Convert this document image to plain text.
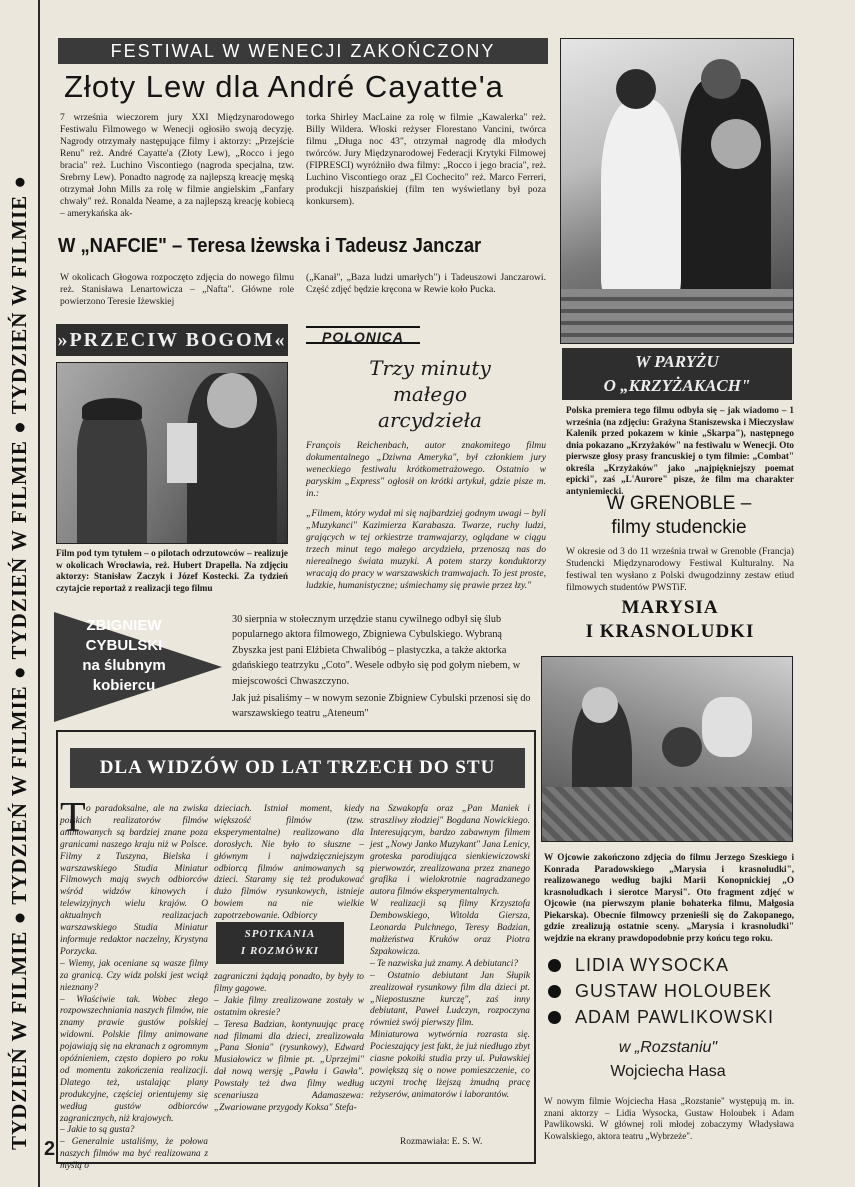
TYDZIEŃ W FILMIE ● TYDZIEŃ W FILMIE ● TYDZIEŃ W FILMIE ● TYDZIEŃ W FILMIE ● 2
FESTIWAL W WENECJI ZAKOŃCZONY
Złoty Lew dla André Cayatte'a
7 września wieczorem jury XXI Międzynarodowego Festiwalu Filmowego w Wenecji ogłosiło swoją decyzję. Nagrody otrzymały następujące filmy i aktorzy: „Przejście Renu" reż. André Cayatte'a (Złoty Lew), „Rocco i jego bracia" reż. Luchino Viscontiego (nagroda specjalna, tzw. Srebrny Lew). Ponadto nagrodę za najlepszą kreację męską otrzymał John Mills za rolę w filmie angielskim „Fanfary chwały" reż. Ronalda Neame, a za najlepszą kreację kobiecą – amerykańska ak-
torka Shirley MacLaine za rolę w filmie „Kawalerka" reż. Billy Wildera. Włoski reżyser Florestano Vancini, twórca filmu „Długa noc 43", otrzymał nagrodę dla młodych twórców. Jury Międzynarodowej Federacji Krytyki Filmowej (FIPRESCI) wyróżniło dwa filmy: „Rocco i jego bracia", reż. Luchino Viscontiego oraz „El Cochecito" reż. Marco Ferreri, produkcji hiszpańskiej (film ten wyświetlany był poza konkursem).
W „NAFCIE" – Teresa Iżewska i Tadeusz Janczar
W okolicach Głogowa rozpoczęto zdjęcia do nowego filmu reż. Stanisława Lenartowicza – „Nafta". Główne role powierzono Teresie Iżewskiej
(„Kanał", „Baza ludzi umarłych") i Tadeuszowi Janczarowi. Część zdjęć będzie kręcona w Rewie koło Pucka.
W PARYŻU
O „KRZYŻAKACH"
Polska premiera tego filmu odbyła się – jak wiadomo – 1 września (na zdjęciu: Grażyna Staniszewska i Mieczysław Kalenik przed pokazem w kinie „Skarpa"), następnego dnia pokazano „Krzyżaków" na festiwalu w Wenecji. Oto pierwsze głosy prasy francuskiej o tym filmie: „Combat" określa „Krzyżaków" jako „najpiękniejszy poemat epicki", zaś „L'Aurore" pisze, że film ma charakter antyniemiecki.
»PRZECIW BOGOM«
Film pod tym tytułem – o pilotach odrzutowców – realizuje w okolicach Wrocławia, reż. Hubert Drapella. Na zdjęciu aktorzy: Stanisław Zaczyk i Józef Kostecki. Za tydzień czytajcie reportaż z realizacji tego filmu
POLONICA
Trzy minuty
małego
arcydzieła
François Reichenbach, autor znakomitego filmu dokumentalnego „Dziwna Ameryka", był członkiem jury weneckiego festiwalu krótkometrażowego. Ostatnio w paryskim „Express" ogłosił on krótki artykuł, gdzie pisze m. in.:
„Filmem, który wydał mi się najbardziej godnym uwagi – byli „Muzykanci" Kazimierza Karabasza. Twarze, ruchy ludzi, grających w tej orkiestrze tramwajarzy, oglądane w ciągu trzech minut tego małego arcydzieła, przenoszą nas do nierealnego świata muzyki. A potem starzy konduktorzy wracają do pracy w warszawskich tramwajach. To jest proste, ludzkie, humanistyczne; uśmiechamy się prawie przez łzy."
W GRENOBLE –
filmy studenckie
W okresie od 3 do 11 września trwał w Grenoble (Francja) Studencki Międzynarodowy Festiwal Kulturalny. Na festiwal ten wysłano z Polski dwugodzinny zestaw etiud filmowych studentów PWSTiF.
MARYSIA
I KRASNOLUDKI
W Ojcowie zakończono zdjęcia do filmu Jerzego Szeskiego i Konrada Paradowskiego „Marysia i krasnoludki", realizowanego według bajki Marii Konopnickiej „O krasnoludkach i sierotce Marysi". Oto fragment zdjęć w Ojcowie (na pierwszym planie bohaterka filmu, Małgosia Piekarska). Obecnie filmowcy przenieśli się do Zakopanego, gdzie zrealizują ostatnie sceny. „Marysia i krasnoludki" wejdzie na ekrany prawdopodobnie przy końcu tego roku.
LIDIA WYSOCKA
GUSTAW HOLOUBEK
ADAM PAWLIKOWSKI
w „Rozstaniu"
Wojciecha Hasa
W nowym filmie Wojciecha Hasa „Rozstanie" występują m. in. znani aktorzy – Lidia Wysocka, Gustaw Holoubek i Adam Pawlikowski. W głównej roli młodej zobaczymy Władysława Kowalskiego, aktora teatru „Wybrzeże".
ZBIGNIEW
CYBULSKI
na ślubnym
kobiercu
30 sierpnia w stołecznym urzędzie stanu cywilnego odbył się ślub popularnego aktora filmowego, Zbigniewa Cybulskiego. Wybraną Zbyszka jest pani Elżbieta Chwalibóg – plastyczka, a także aktorka gdańskiego teatrzyku „Coto". Wesele odbyło się pod gołym niebem, w miejscowości Chwaszczyno.
Jak już pisaliśmy – w nowym sezonie Zbigniew Cybulski przenosi się do warszawskiego teatru „Ateneum"
DLA WIDZÓW OD LAT TRZECH DO STU
T o paradoksalne, ale na zwiska polskich realizatorów filmów animowanych są bardziej znane poza granicami naszego kraju niż w Polsce. Filmy z Tuszyna, Bielska i warszawskiego Studia Miniatur Filmowych mają swych odbiorców wśród widzów kinowych i telewizyjnych wielu krajów. O aktualnych realizacjach warszawskiego Studia Miniatur informuje redaktor naczelny, Krystyna Porzycka.
– Wiemy, jak oceniane są wasze filmy za granicą. Czy widz polski jest wciąż nieznany?
– Właściwie tak. Wobec złego rozpowszechniania naszych filmów, nie znamy prawie gustów polskiej widowni. Polskie filmy animowane pojawiają się na ekranach z ogromnym opóźnieniem, często dopiero po roku od momentu zakończenia realizacji. Dlatego też, ustalając plany produkcyjne, częściej orientujemy się według gustów odbiorców zagranicznych, niż krajowych.
– Jakie to są gusta?
– Generalnie ustaliśmy, że połowa naszych filmów ma być realizowana z myślą o
dzieciach. Istniał moment, kiedy większość filmów (tzw. eksperymentalne) realizowano dla dorosłych. Nie było to słuszne – głównym i najwdzięczniejszym odbiorcą filmów animowanych są dzieci. Staramy się też produkować dużo filmów rysunkowych, istnieje bowiem na nie wielkie zapotrzebowanie. Odbiorcy
SPOTKANIA
I ROZMÓWKI
zagraniczni żądają ponadto, by były to filmy gagowe.
– Jakie filmy zrealizowane zostały w ostatnim okresie?
– Teresa Badzian, kontynuując pracę nad filmami dla dzieci, zrealizowała „Pana Słonia" (rysunkowy), Edward Musiałowicz w filmie pt. „Uprzejmi" dał nową wersję „Pawła i Gawła". Powstały też dwa filmy według scenariusza Adamaszewa: „Zwariowane przygody Koksa" Stefa-
na Szwakopfa oraz „Pan Maniek i straszliwy złodziej" Bogdana Nowickiego. Interesującym, bardzo zabawnym filmem jest „Nowy Janko Muzykant" Jana Lenicy, groteska parodiująca sienkiewiczowski pierwowzór, zrealizowana przez znanego grafika i wielokrotnie nagradzanego autora filmów eksperymentalnych.
W realizacji są filmy Krzysztofa Dembowskiego, Witolda Giersza, Leonarda Pulchnego, Teresy Badzian, małżeństwa Kruków oraz Piotra Szpakowicza.
– Te nazwiska już znamy. A debiutanci?
– Ostatnio debiutant Jan Słupik zrealizował rysunkowy film dla dzieci pt. „Niepostuszne kurczę", zaś inny debiutant, Paweł Ludczyn, rozpoczyna również swój pierwszy film.
Miniaturowa wytwórnia rozrasta się. Pocieszający jest fakt, że już niedługo zbyt ciasne pokoiki studia przy ul. Puławskiej powiększą się o nowe pomieszczenie, co uczyni trochę lżejszą żmudną pracę reżyserów, animatorów i laborantów.
Rozmawiała: E. S. W.
